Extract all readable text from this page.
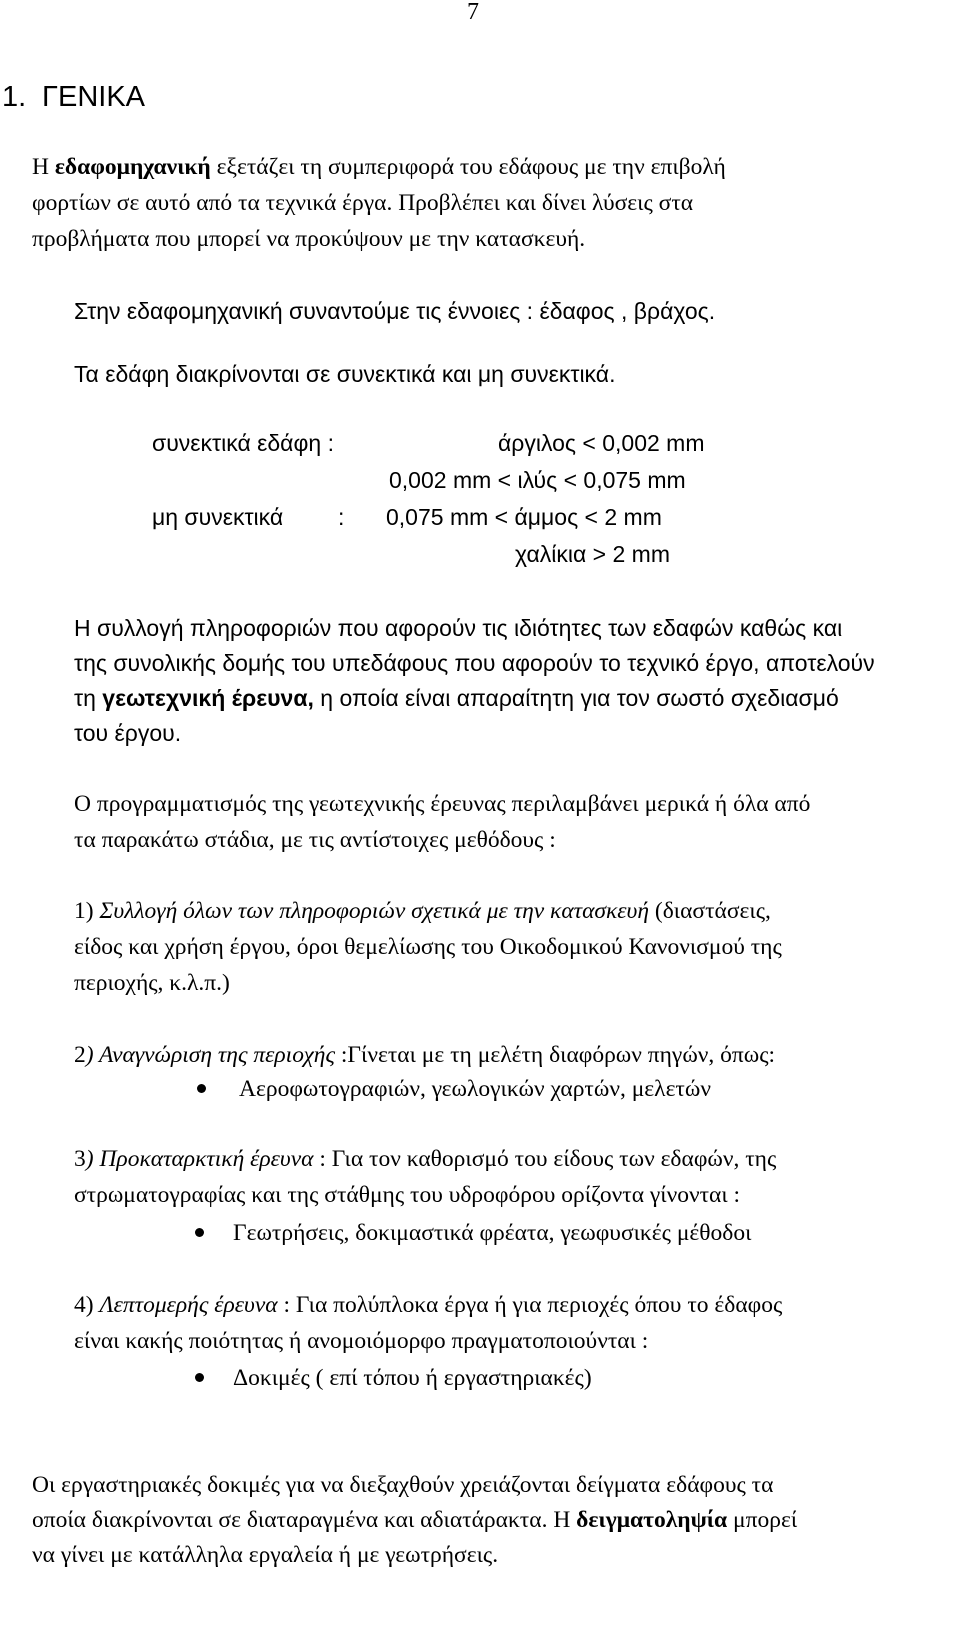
7
1. ΓΕΝΙΚΑ
Η εδαφομηχανική εξετάζει τη συμπεριφορά του εδάφους με την επιβολή
φορτίων σε αυτό από τα τεχνικά έργα. Προβλέπει και δίνει λύσεις στα
προβλήματα που μπορεί να προκύψουν με την κατασκευή.
Στην εδαφομηχανική συναντούμε τις έννοιες : έδαφος , βράχος.
Τα εδάφη διακρίνονται σε συνεκτικά και μη συνεκτικά.
συνεκτικά εδάφη :	άργιλος < 0,002 mm
0,002 mm < ιλύς < 0,075 mm
μη συνεκτικά : 0,075 mm < άμμος < 2 mm
χαλίκια > 2 mm
Η συλλογή πληροφοριών που αφορούν τις ιδιότητες των εδαφών καθώς και
της συνολικής δομής του υπεδάφους που αφορούν το τεχνικό έργο, αποτελούν
τη γεωτεχνική έρευνα, η οποία είναι απαραίτητη για τον σωστό σχεδιασμό
του έργου.
Ο προγραμματισμός της γεωτεχνικής έρευνας περιλαμβάνει μερικά ή όλα από
τα παρακάτω στάδια, με τις αντίστοιχες μεθόδους :
1) Συλλογή όλων των πληροφοριών σχετικά με την κατασκευή (διαστάσεις,
είδος και χρήση έργου, όροι θεμελίωσης του Οικοδομικού Κανονισμού της
περιοχής, κ.λ.π.)
2) Αναγνώριση της περιοχής :Γίνεται με τη μελέτη διαφόρων πηγών, όπως:
Αεροφωτογραφιών, γεωλογικών χαρτών, μελετών
3) Προκαταρκτική έρευνα : Για τον καθορισμό του είδους των εδαφών, της
στρωματογραφίας και της στάθμης του υδροφόρου ορίζοντα γίνονται :
Γεωτρήσεις, δοκιμαστικά φρέατα, γεωφυσικές μέθοδοι
4) Λεπτομερής έρευνα : Για πολύπλοκα έργα ή για περιοχές όπου το έδαφος
είναι κακής ποιότητας ή ανομοιόμορφο πραγματοποιούνται :
Δοκιμές ( επί τόπου ή εργαστηριακές)
Οι εργαστηριακές δοκιμές για να διεξαχθούν χρειάζονται δείγματα εδάφους τα
οποία διακρίνονται σε διαταραγμένα και αδιατάρακτα. Η δειγματοληψία μπορεί
να γίνει με κατάλληλα εργαλεία ή με γεωτρήσεις.
